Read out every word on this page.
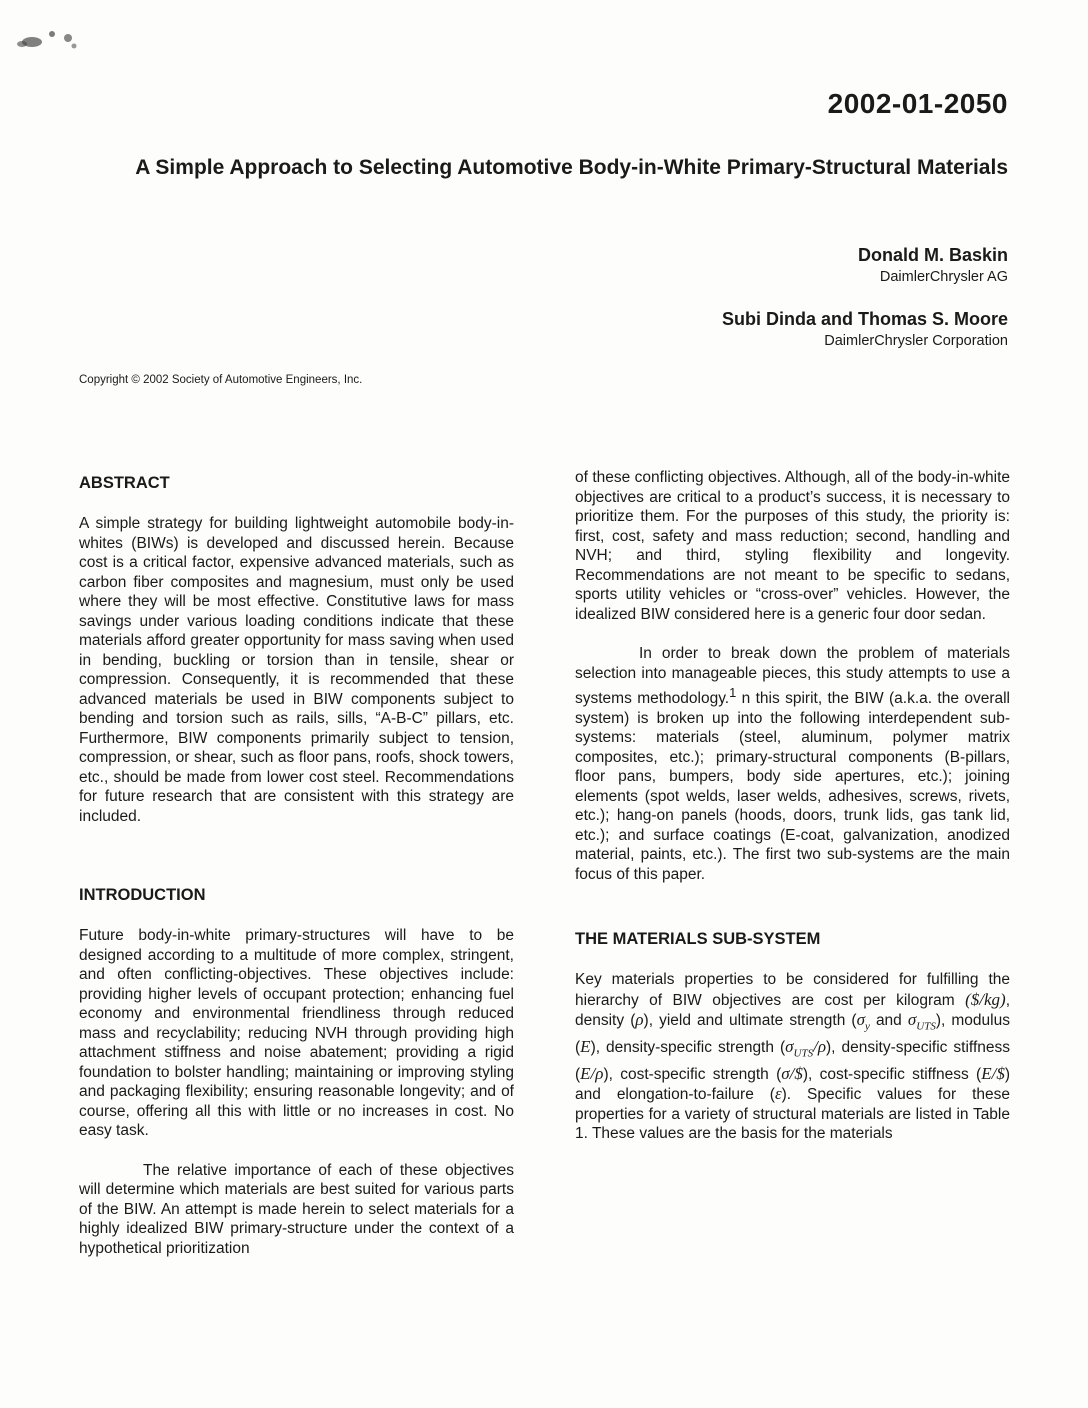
2002-01-2050
A Simple Approach to Selecting Automotive Body-in-White Primary-Structural Materials
Donald M. Baskin
DaimlerChrysler AG
Subi Dinda and Thomas S. Moore
DaimlerChrysler Corporation

Copyright © 2002 Society of Automotive Engineers, Inc.

ABSTRACT

A simple strategy for building lightweight automobile body-in-whites (BIWs) is developed and discussed herein. Because cost is a critical factor, expensive advanced materials, such as carbon fiber composites and magnesium, must only be used where they will be most effective. Constitutive laws for mass savings under various loading conditions indicate that these materials afford greater opportunity for mass saving when used in bending, buckling or torsion than in tensile, shear or compression. Consequently, it is recommended that these advanced materials be used in BIW components subject to bending and torsion such as rails, sills, “A-B-C” pillars, etc. Furthermore, BIW components primarily subject to tension, compression, or shear, such as floor pans, roofs, shock towers, etc., should be made from lower cost steel. Recommendations for future research that are consistent with this strategy are included.

INTRODUCTION

Future body-in-white primary-structures will have to be designed according to a multitude of more complex, stringent, and often conflicting-objectives. These objectives include: providing higher levels of occupant protection; enhancing fuel economy and environmental friendliness through reduced mass and recyclability; reducing NVH through providing high attachment stiffness and noise abatement; providing a rigid foundation to bolster handling; maintaining or improving styling and packaging flexibility; ensuring reasonable longevity; and of course, offering all this with little or no increases in cost. No easy task.

The relative importance of each of these objectives will determine which materials are best suited for various parts of the BIW. An attempt is made herein to select materials for a highly idealized BIW primary-structure under the context of a hypothetical prioritization

of these conflicting objectives. Although, all of the body-in-white objectives are critical to a product’s success, it is necessary to prioritize them. For the purposes of this study, the priority is: first, cost, safety and mass reduction; second, handling and NVH; and third, styling flexibility and longevity. Recommendations are not meant to be specific to sedans, sports utility vehicles or “cross-over” vehicles. However, the idealized BIW considered here is a generic four door sedan.

In order to break down the problem of materials selection into manageable pieces, this study attempts to use a systems methodology.$^1$ n this spirit, the BIW (a.k.a. the overall system) is broken up into the following interdependent sub-systems: materials (steel, aluminum, polymer matrix composites, etc.); primary-structural components (B-pillars, floor pans, bumpers, body side apertures, etc.); joining elements (spot welds, laser welds, adhesives, screws, rivets, etc.); hang-on panels (hoods, doors, trunk lids, gas tank lid, etc.); and surface coatings (E-coat, galvanization, anodized material, paints, etc.). The first two sub-systems are the main focus of this paper.

THE MATERIALS SUB-SYSTEM

Key materials properties to be considered for fulfilling the hierarchy of BIW objectives are cost per kilogram ($/kg), density (ρ), yield and ultimate strength ($\sigma_y$ and $\sigma_{UTS}$), modulus (E), density-specific strength $(\sigma_{UTS}/\rho)$, density-specific stiffness (E/ρ), cost-specific strength (σ/$), cost-specific stiffness (E/$) and elongation-to-failure (ε). Specific values for these properties for a variety of structural materials are listed in Table 1. These values are the basis for the materials
